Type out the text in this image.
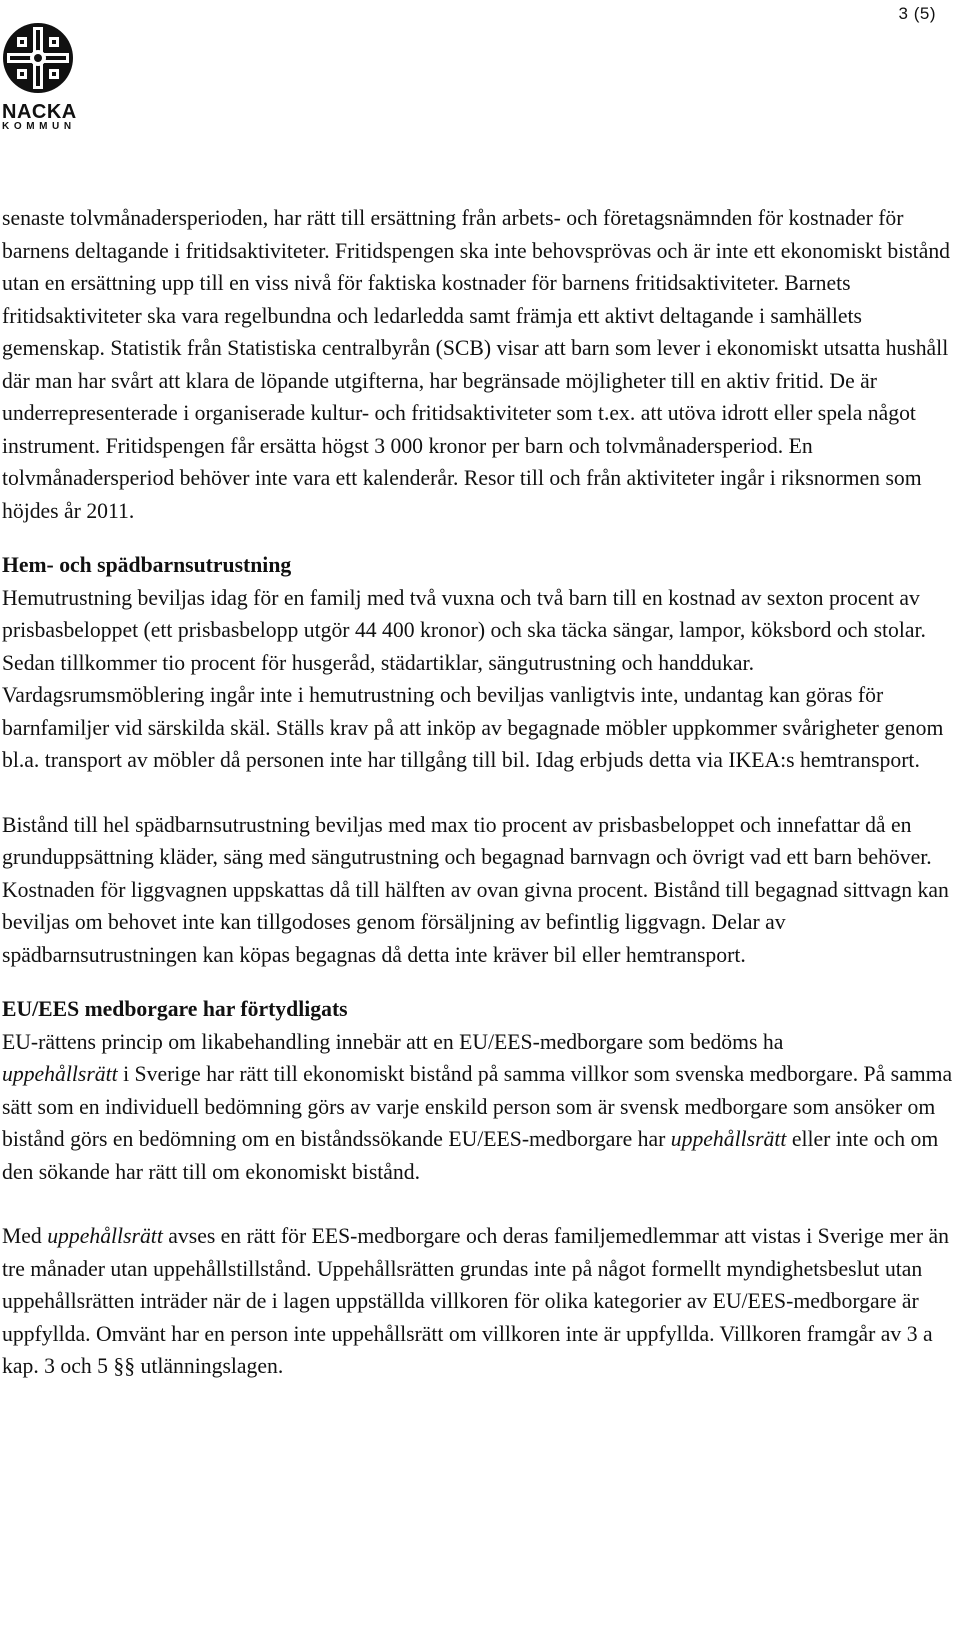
3 (5)
NACKA
KOMMUN

senaste tolvmånadersperioden, har rätt till ersättning från arbets- och företagsnämnden för kostnader för barnens deltagande i fritidsaktiviteter. Fritidspengen ska inte behovsprövas och är inte ett ekonomiskt bistånd utan en ersättning upp till en viss nivå för faktiska kostnader för barnens fritidsaktiviteter. Barnets fritidsaktiviteter ska vara regelbundna och ledarledda samt främja ett aktivt deltagande i samhällets gemenskap. Statistik från Statistiska centralbyrån (SCB) visar att barn som lever i ekonomiskt utsatta hushåll där man har svårt att klara de löpande utgifterna, har begränsade möjligheter till en aktiv fritid. De är underrepresenterade i organiserade kultur- och fritidsaktiviteter som t.ex. att utöva idrott eller spela något instrument. Fritidspengen får ersätta högst 3 000 kronor per barn och tolvmånadersperiod. En tolvmånadersperiod behöver inte vara ett kalenderår. Resor till och från aktiviteter ingår i riksnormen som höjdes år 2011.

Hem- och spädbarnsutrustning

Hemutrustning beviljas idag för en familj med två vuxna och två barn till en kostnad av sexton procent av prisbasbeloppet (ett prisbasbelopp utgör 44 400 kronor) och ska täcka sängar, lampor, köksbord och stolar. Sedan tillkommer tio procent för husgeråd, städartiklar, sängutrustning och handdukar. Vardagsrumsmöblering ingår inte i hemutrustning och beviljas vanligtvis inte, undantag kan göras för barnfamiljer vid särskilda skäl. Ställs krav på att inköp av begagnade möbler uppkommer svårigheter genom bl.a. transport av möbler då personen inte har tillgång till bil. Idag erbjuds detta via IKEA:s hemtransport.

Bistånd till hel spädbarnsutrustning beviljas med max tio procent av prisbasbeloppet och innefattar då en grunduppsättning kläder, säng med sängutrustning och begagnad barnvagn och övrigt vad ett barn behöver. Kostnaden för liggvagnen uppskattas då till hälften av ovan givna procent. Bistånd till begagnad sittvagn kan beviljas om behovet inte kan tillgodoses genom försäljning av befintlig liggvagn. Delar av spädbarnsutrustningen kan köpas begagnas då detta inte kräver bil eller hemtransport.

EU/EES medborgare har förtydligats

EU-rättens princip om likabehandling innebär att en EU/EES-medborgare som bedöms ha
uppehållsrätt i Sverige har rätt till ekonomiskt bistånd på samma villkor som svenska medborgare. På samma sätt som en individuell bedömning görs av varje enskild person som är svensk medborgare som ansöker om bistånd görs en bedömning om en biståndssökande EU/EES-medborgare har uppehållsrätt eller inte och om den sökande har rätt till om ekonomiskt bistånd.

Med uppehållsrätt avses en rätt för EES-medborgare och deras familjemedlemmar att vistas i Sverige mer än tre månader utan uppehållstillstånd. Uppehållsrätten grundas inte på något formellt myndighetsbeslut utan uppehållsrätten inträder när de i lagen uppställda villkoren för olika kategorier av EU/EES-medborgare är uppfyllda. Omvänt har en person inte uppehållsrätt om villkoren inte är uppfyllda. Villkoren framgår av 3 a kap. 3 och 5 §§ utlänningslagen.
